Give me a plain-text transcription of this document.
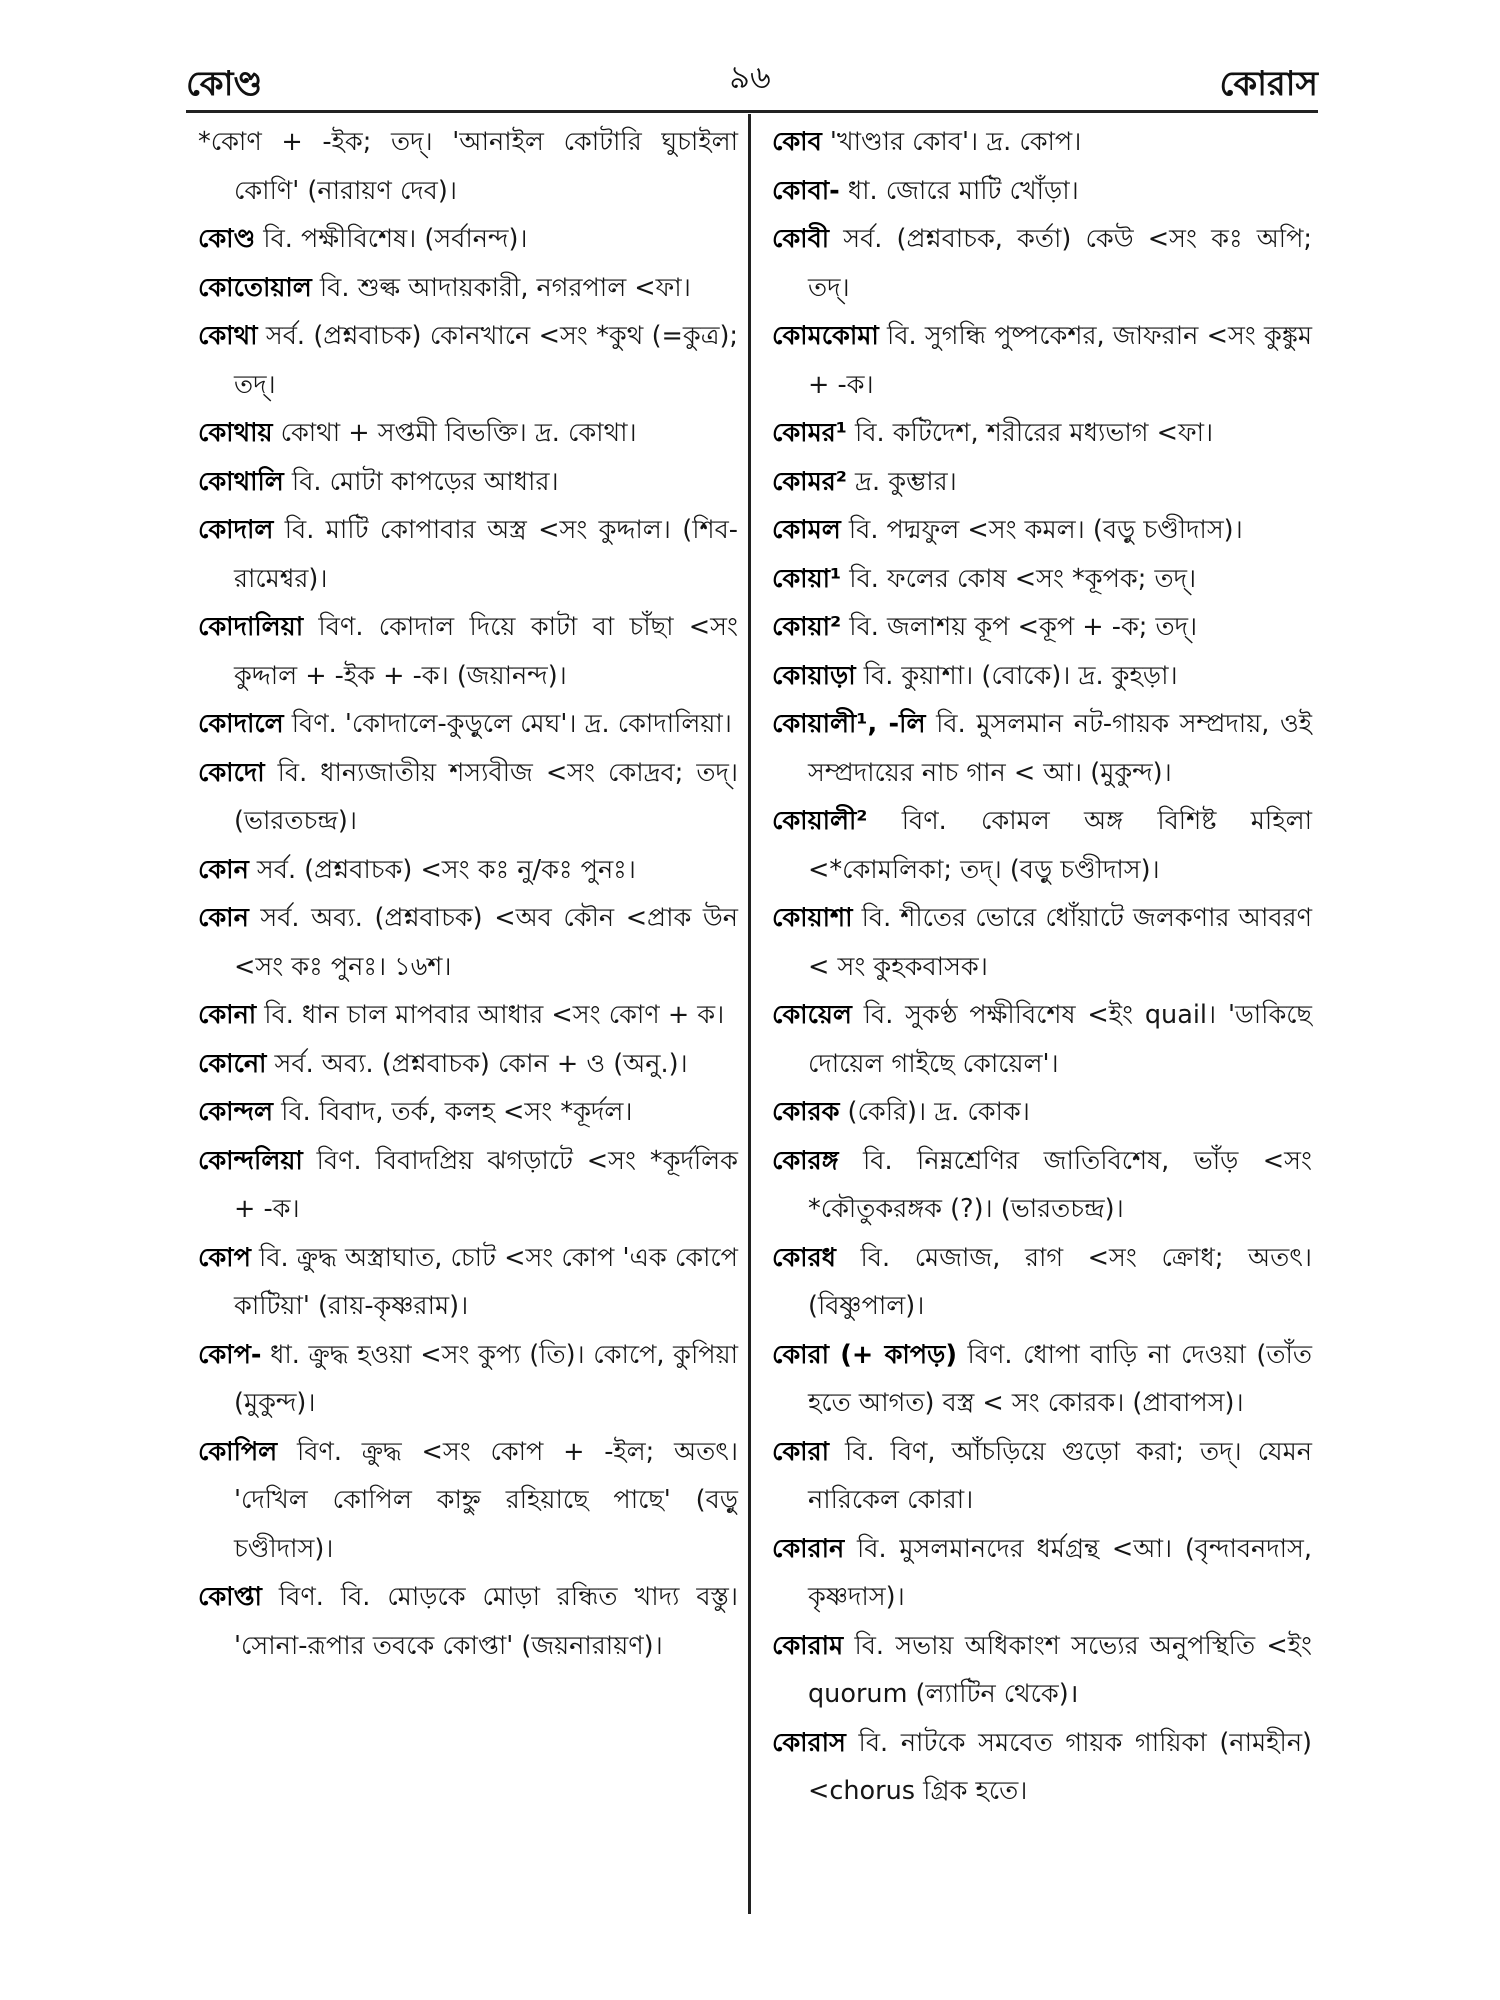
কোণ্ড	৯৬	কোরাস

*কোণ + -ইক; তদ্। 'আনাইল কোটারি ঘুচাইলা কোণি' (নারায়ণ দেব)।

কোণ্ড বি. পক্ষীবিশেষ। (সর্বানন্দ)।

কোতোয়াল বি. শুল্ক আদায়কারী, নগরপাল <ফা।

কোথা সর্ব. (প্রশ্নবাচক) কোনখানে <সং *কুথ (=কুত্র); তদ্।

কোথায় কোথা + সপ্তমী বিভক্তি। দ্র. কোথা।

কোথালি বি. মোটা কাপড়ের আধার।

কোদাল বি. মাটি কোপাবার অস্ত্র <সং কুদ্দাল। (শিব-রামেশ্বর)।

কোদালিয়া বিণ. কোদাল দিয়ে কাটা বা চাঁছা <সং কুদ্দাল + -ইক + -ক। (জয়ানন্দ)।

কোদালে বিণ. 'কোদালে-কুড়ুলে মেঘ'। দ্র. কোদালিয়া।

কোদো বি. ধান্যজাতীয় শস্যবীজ <সং কোদ্রব; তদ্। (ভারতচন্দ্র)।

কোন সর্ব. (প্রশ্নবাচক) <সং কঃ নু/কঃ পুনঃ।

কোন সর্ব. অব্য. (প্রশ্নবাচক) <অব কৌন <প্রাক উন <সং কঃ পুনঃ। ১৬শ।

কোনা বি. ধান চাল মাপবার আধার <সং কোণ + ক।

কোনো সর্ব. অব্য. (প্রশ্নবাচক) কোন + ও (অনু.)।

কোন্দল বি. বিবাদ, তর্ক, কলহ <সং *কূর্দল।

কোন্দলিয়া বিণ. বিবাদপ্রিয় ঝগড়াটে <সং *কূর্দলিক + -ক।

কোপ বি. ক্রুদ্ধ অস্ত্রাঘাত, চোট <সং কোপ 'এক কোপে কাটিয়া' (রায়-কৃষ্ণরাম)।

কোপ- ধা. ক্রুদ্ধ হওয়া <সং কুপ্য (তি)। কোপে, কুপিয়া (মুকুন্দ)।

কোপিল বিণ. ক্রুদ্ধ <সং কোপ + -ইল; অতৎ। 'দেখিল কোপিল কাহ্নু রহিয়াছে পাছে' (বড়ু চণ্ডীদাস)।

কোপ্তা বিণ. বি. মোড়কে মোড়া রন্ধিত খাদ্য বস্তু। 'সোনা-রূপার তবকে কোপ্তা' (জয়নারায়ণ)।

কোব 'খাণ্ডার কোব'। দ্র. কোপ।

কোবা- ধা. জোরে মাটি খোঁড়া।

কোবী সর্ব. (প্রশ্নবাচক, কর্তা) কেউ <সং কঃ অপি; তদ্।

কোমকোমা বি. সুগন্ধি পুষ্পকেশর, জাফরান <সং কুঙ্কুম + -ক।

কোমর¹ বি. কটিদেশ, শরীরের মধ্যভাগ <ফা।

কোমর² দ্র. কুম্ভার।

কোমল বি. পদ্মফুল <সং কমল। (বড়ু চণ্ডীদাস)।

কোয়া¹ বি. ফলের কোষ <সং *কূপক; তদ্।

কোয়া² বি. জলাশয় কূপ <কূপ + -ক; তদ্।

কোয়াড়া বি. কুয়াশা। (বোকে)। দ্র. কুহড়া।

কোয়ালী¹, -লি বি. মুসলমান নট-গায়ক সম্প্রদায়, ওই সম্প্রদায়ের নাচ গান < আ। (মুকুন্দ)।

কোয়ালী² বিণ. কোমল অঙ্গ বিশিষ্ট মহিলা <*কোমলিকা; তদ্। (বড়ু চণ্ডীদাস)।

কোয়াশা বি. শীতের ভোরে ধোঁয়াটে জলকণার আবরণ < সং কুহকবাসক।

কোয়েল বি. সুকণ্ঠ পক্ষীবিশেষ <ইং quail। 'ডাকিছে দোয়েল গাইছে কোয়েল'।

কোরক (কেরি)। দ্র. কোক।

কোরঙ্গ বি. নিম্নশ্রেণির জাতিবিশেষ, ভাঁড় <সং *কৌতুকরঙ্গক (?)। (ভারতচন্দ্র)।

কোরধ বি. মেজাজ, রাগ <সং ক্রোধ; অতৎ। (বিষ্ণুপাল)।

কোরা (+ কাপড়) বিণ. ধোপা বাড়ি না দেওয়া (তাঁত হতে আগত) বস্ত্র < সং কোরক। (প্রাবাপস)।

কোরা বি. বিণ, আঁচড়িয়ে গুড়ো করা; তদ্। যেমন নারিকেল কোরা।

কোরান বি. মুসলমানদের ধর্মগ্রন্থ <আ। (বৃন্দাবনদাস, কৃষ্ণদাস)।

কোরাম বি. সভায় অধিকাংশ সভ্যের অনুপস্থিতি <ইং quorum (ল্যাটিন থেকে)।

কোরাস বি. নাটকে সমবেত গায়ক গায়িকা (নামহীন) <chorus গ্রিক হতে।
